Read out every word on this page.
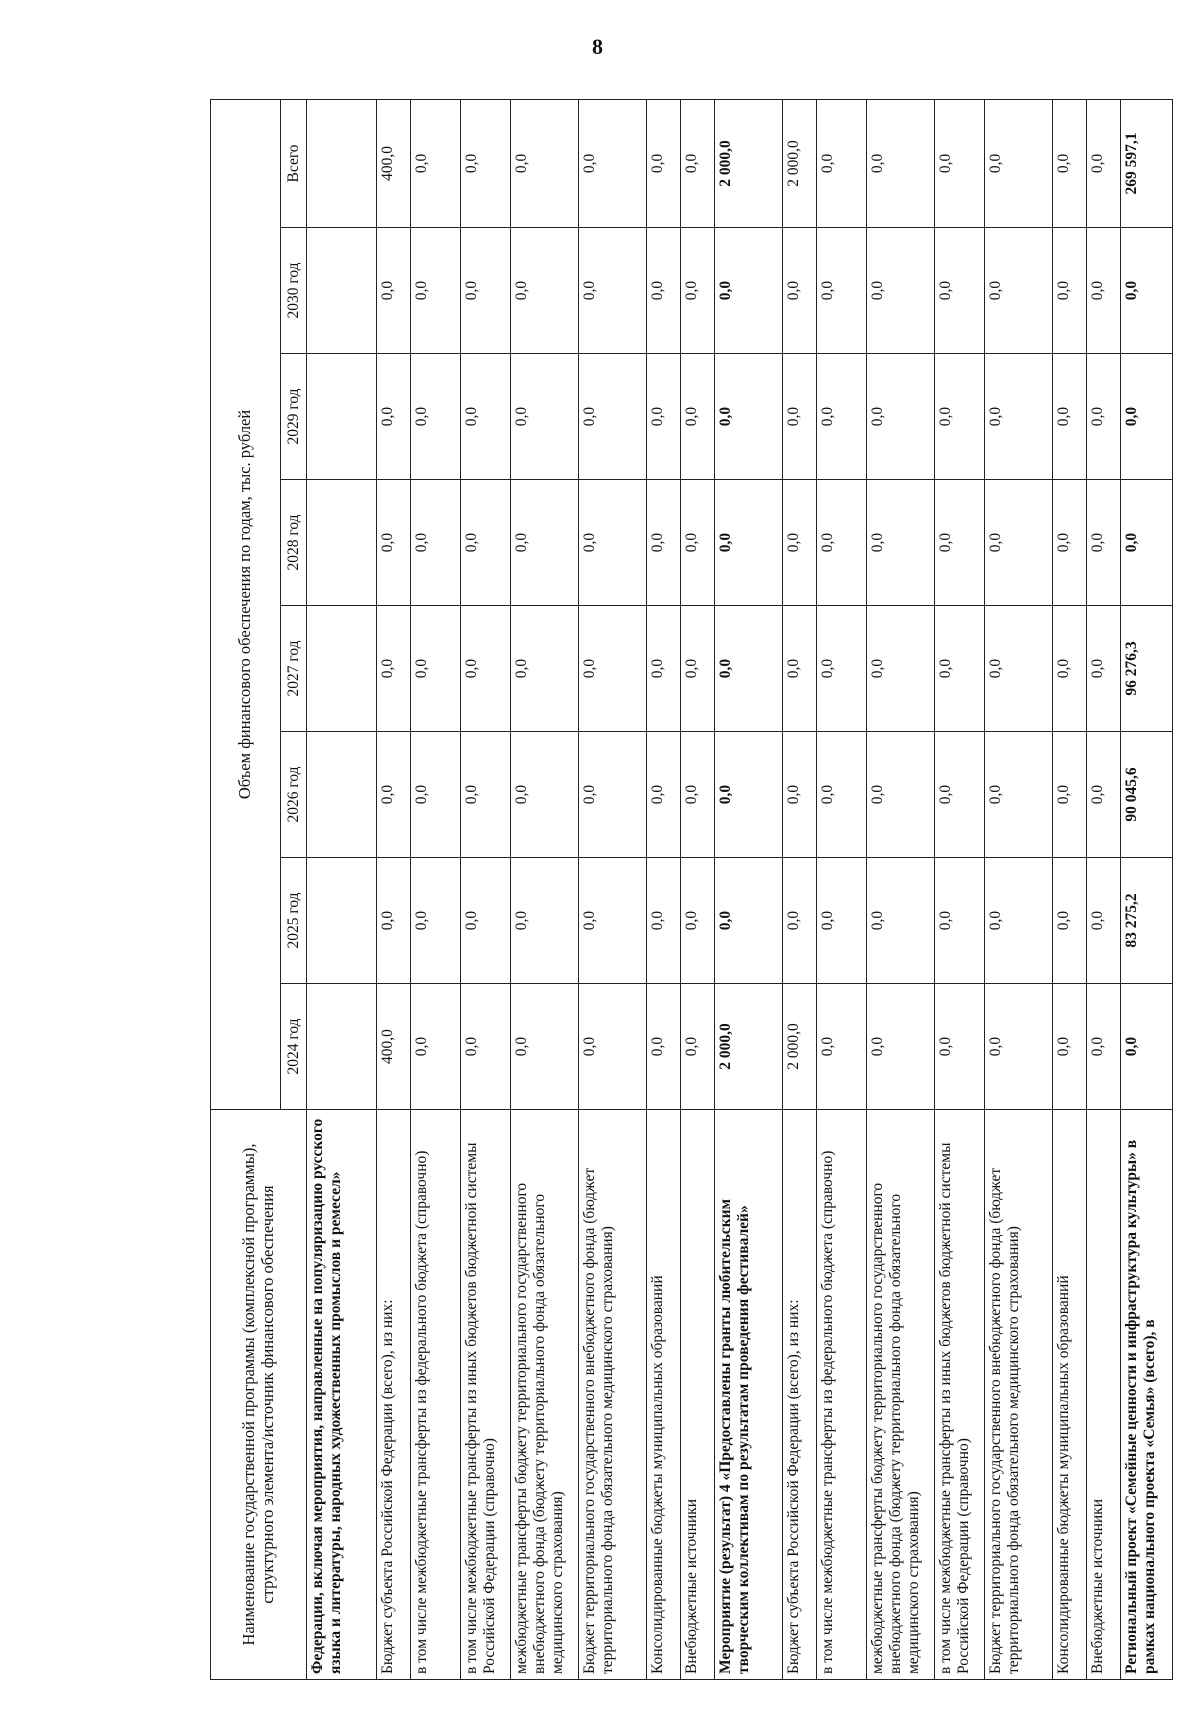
8
Наименование государственной программы (комплексной программы), структурного элемента/источник финансового обеспечения	Объем финансового обеспечения по годам, тыс. рублей							
	2024 год	2025 год	2026 год	2027 год	2028 год	2029 год	2030 год	Всего
Федерации, включая мероприятия, направленные на популяризацию русского языка и литературы, народных художественных промыслов и ремесел»								
Бюджет субъекта Российской Федерации (всего), из них:	400,0	0,0	0,0	0,0	0,0	0,0	0,0	400,0
в том числе межбюджетные трансферты из федерального бюджета (справочно)	0,0	0,0	0,0	0,0	0,0	0,0	0,0	0,0
в том числе межбюджетные трансферты из иных бюджетов бюджетной системы Российской Федерации (справочно)	0,0	0,0	0,0	0,0	0,0	0,0	0,0	0,0
межбюджетные трансферты бюджету территориального государственного внебюджетного фонда (бюджету территориального фонда обязательного медицинского страхования)	0,0	0,0	0,0	0,0	0,0	0,0	0,0	0,0
Бюджет территориального государственного внебюджетного фонда (бюджет территориального фонда обязательного медицинского страхования)	0,0	0,0	0,0	0,0	0,0	0,0	0,0	0,0
Консолидированные бюджеты муниципальных образований	0,0	0,0	0,0	0,0	0,0	0,0	0,0	0,0
Внебюджетные источники	0,0	0,0	0,0	0,0	0,0	0,0	0,0	0,0
Мероприятие (результат) 4 «Предоставлены гранты любительским творческим коллективам по результатам проведения фестивалей»	2 000,0	0,0	0,0	0,0	0,0	0,0	0,0	2 000,0
Бюджет субъекта Российской Федерации (всего), из них:	2 000,0	0,0	0,0	0,0	0,0	0,0	0,0	2 000,0
в том числе межбюджетные трансферты из федерального бюджета (справочно)	0,0	0,0	0,0	0,0	0,0	0,0	0,0	0,0
межбюджетные трансферты бюджету территориального государственного внебюджетного фонда (бюджету территориального фонда обязательного медицинского страхования)	0,0	0,0	0,0	0,0	0,0	0,0	0,0	0,0
в том числе межбюджетные трансферты из иных бюджетов бюджетной системы Российской Федерации (справочно)	0,0	0,0	0,0	0,0	0,0	0,0	0,0	0,0
Бюджет территориального государственного внебюджетного фонда (бюджет территориального фонда обязательного медицинского страхования)	0,0	0,0	0,0	0,0	0,0	0,0	0,0	0,0
Консолидированные бюджеты муниципальных образований	0,0	0,0	0,0	0,0	0,0	0,0	0,0	0,0
Внебюджетные источники	0,0	0,0	0,0	0,0	0,0	0,0	0,0	0,0
Региональный проект «Семейные ценности и инфраструктура культуры» в рамках национального проекта «Семья» (всего), в	0,0	83 275,2	90 045,6	96 276,3	0,0	0,0	0,0	269 597,1
